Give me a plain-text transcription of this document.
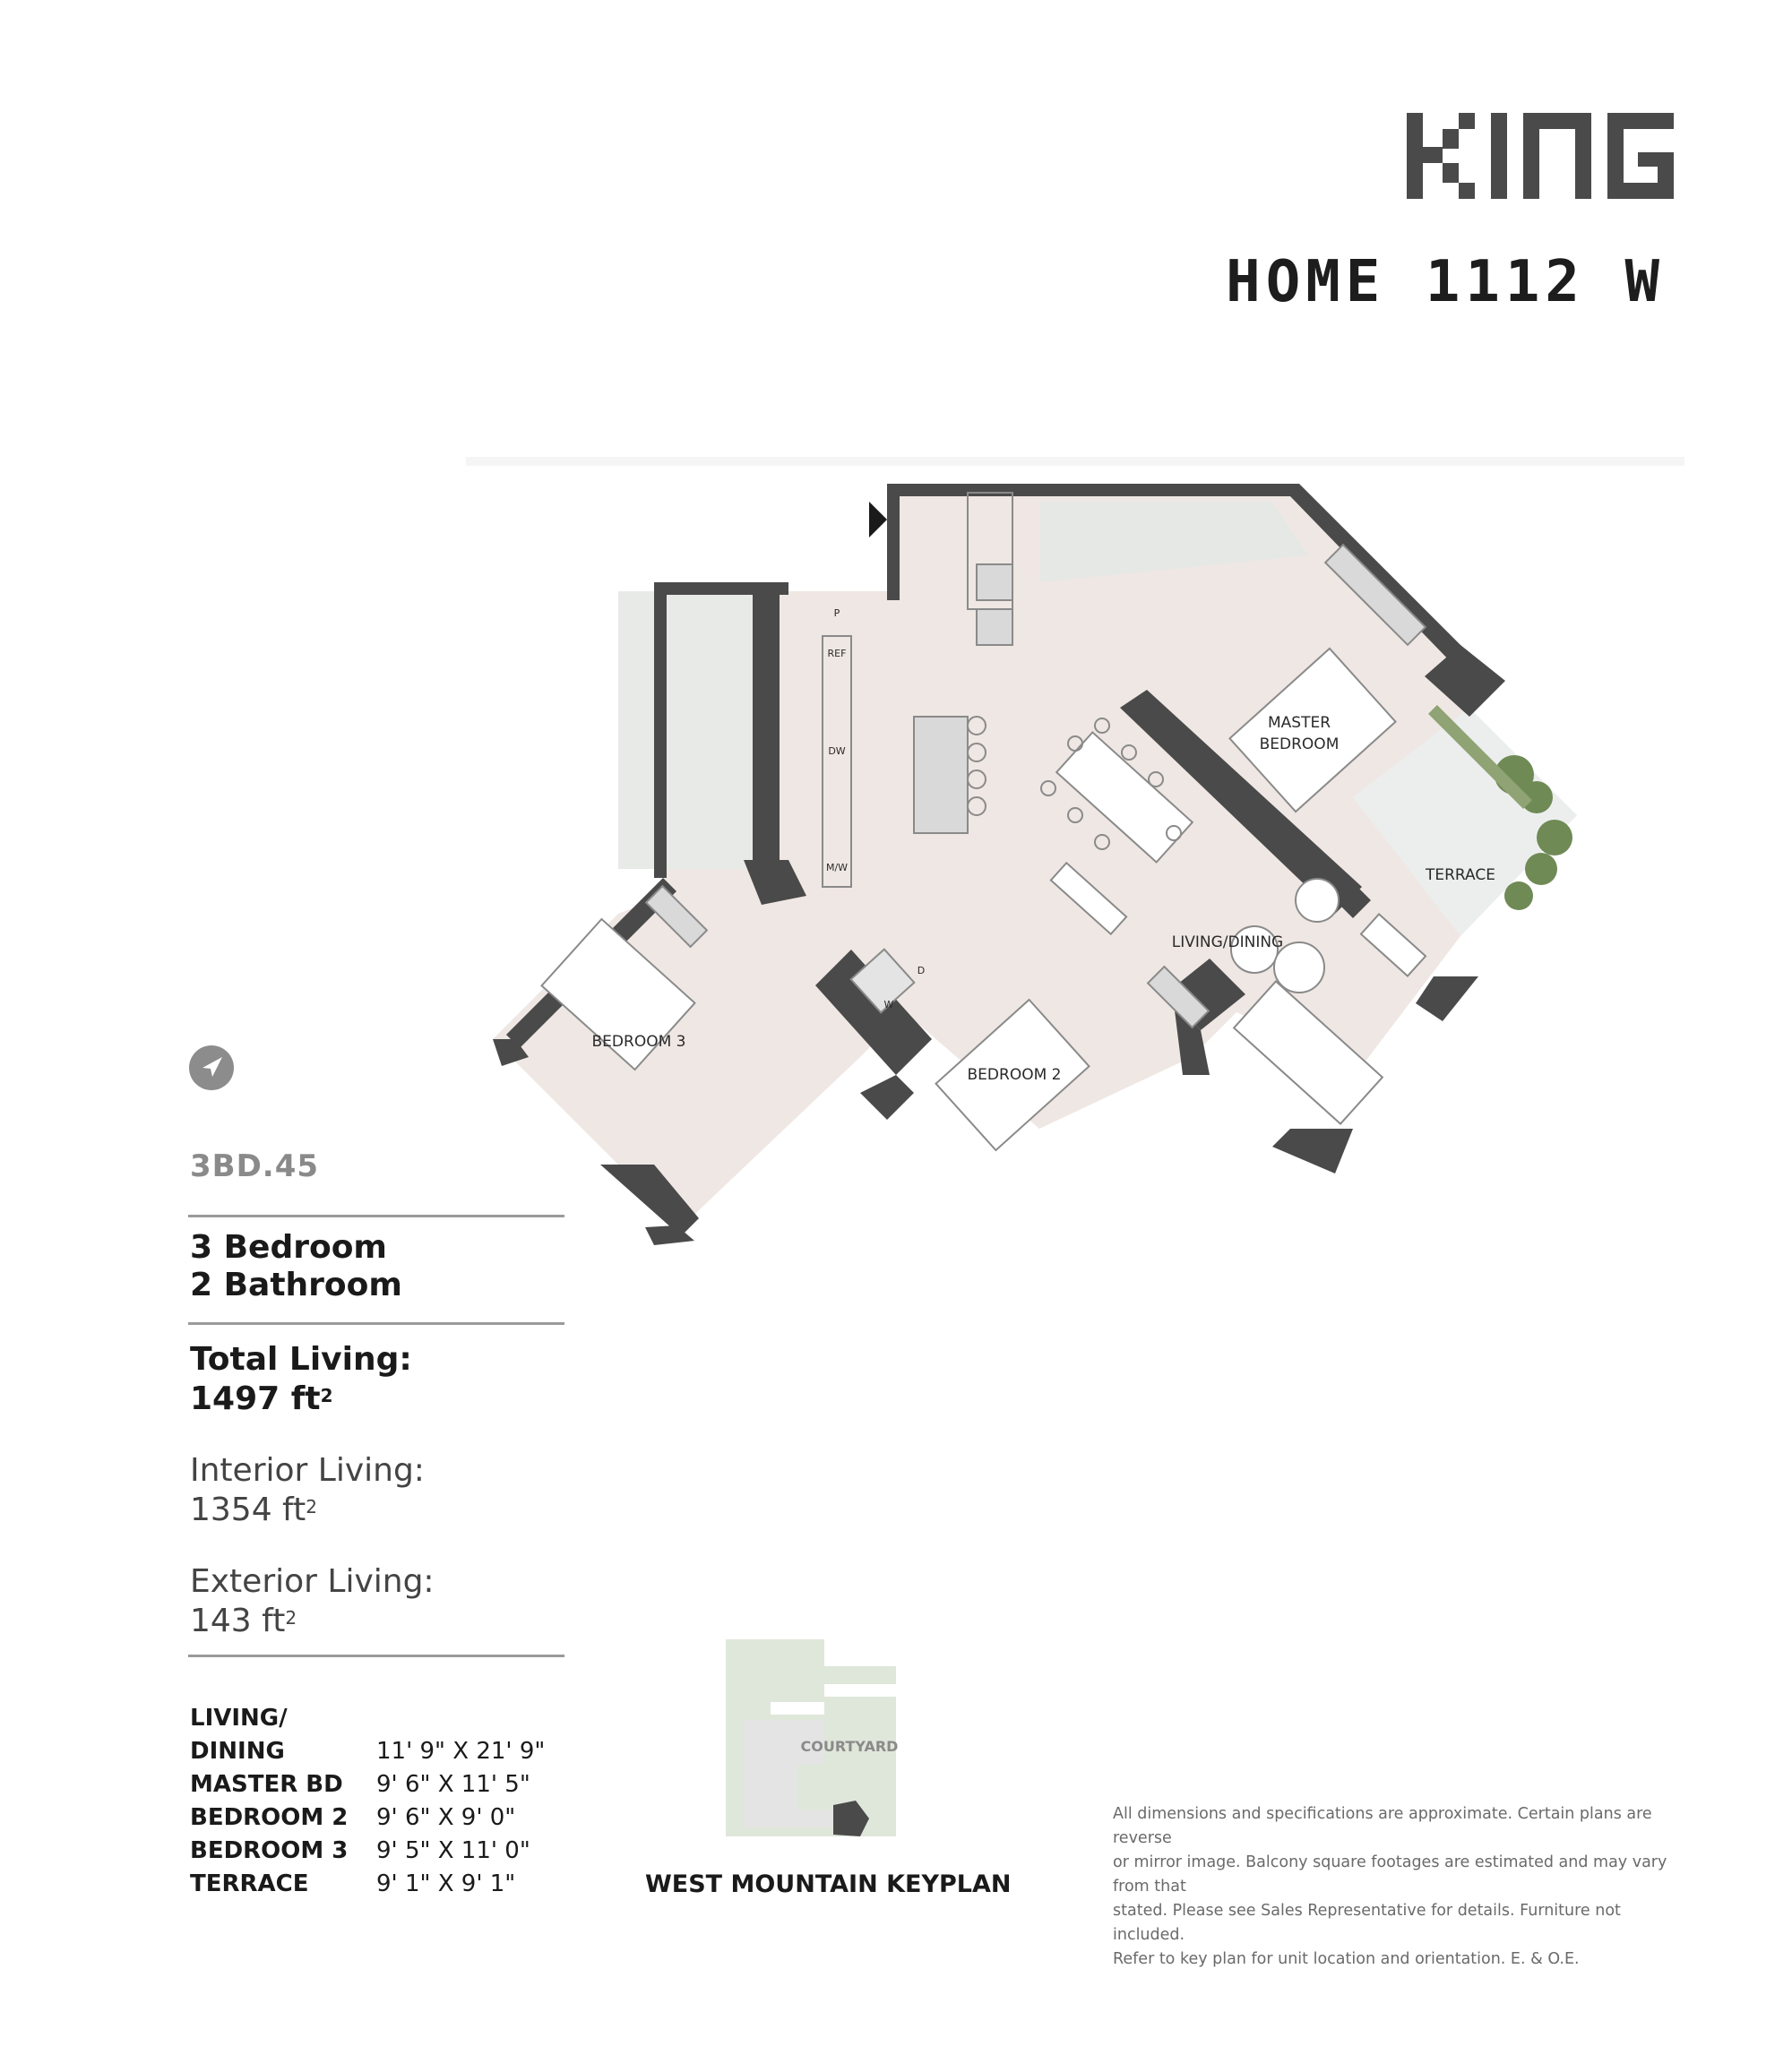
HOME 1112 W
MASTER
BEDROOM
TERRACE
LIVING/DINING
BEDROOM 2
BEDROOM 3
P
REF
DW
M/W
D
W
3BD.45
3 Bedroom
2 Bathroom
Total Living:
1497 $ft^2$
Interior Living:
1354 $ft^2$
Exterior Living:
143 $ft^2$
LIVING/
DINING	11' 9" X 21' 9"
MASTER BD	9' 6" X 11' 5"
BEDROOM 2	9' 6" X 9' 0"
BEDROOM 3	9' 5" X 11' 0"
TERRACE	9' 1" X 9' 1"
COURTYARD
WEST MOUNTAIN KEYPLAN
All dimensions and specifications are approximate. Certain plans are reverse
or mirror image. Balcony square footages are estimated and may vary from that
stated. Please see Sales Representative for details. Furniture not included.
Refer to key plan for unit location and orientation. E. & O.E.
